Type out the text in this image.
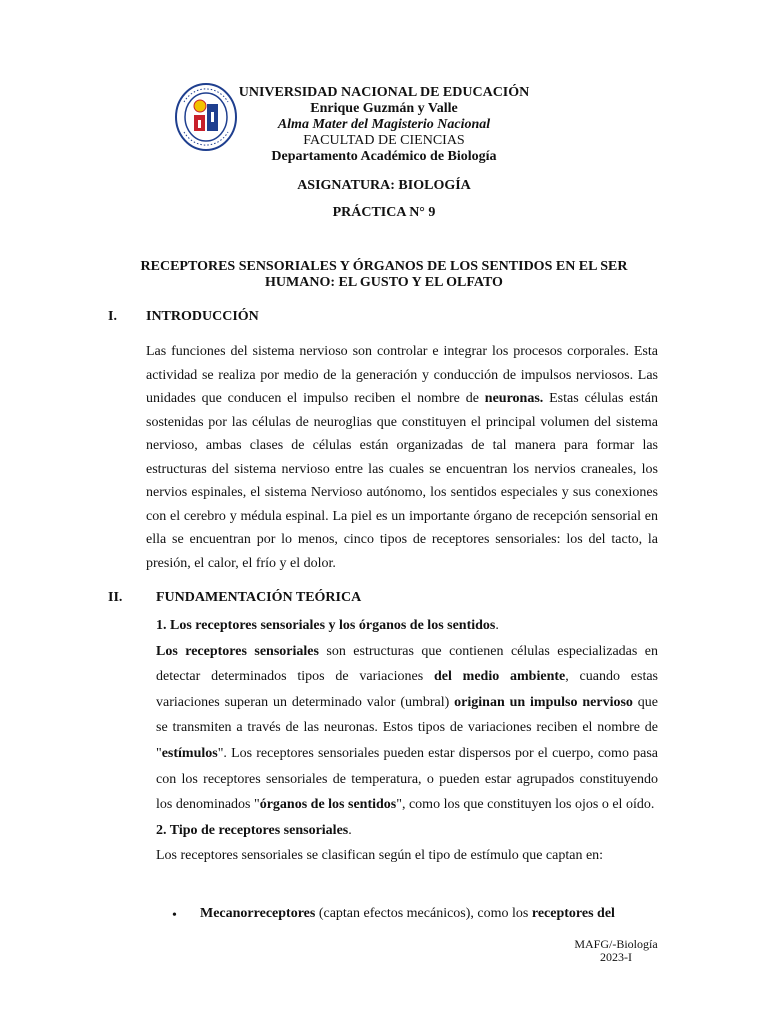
UNIVERSIDAD NACIONAL DE EDUCACIÓN
Enrique Guzmán y Valle
Alma Mater del Magisterio Nacional
FACULTAD DE CIENCIAS
Departamento Académico de Biología
ASIGNATURA: BIOLOGÍA
PRÁCTICA N° 9
RECEPTORES SENSORIALES Y ÓRGANOS DE LOS SENTIDOS EN EL SER
HUMANO: EL GUSTO Y EL OLFATO
I. INTRODUCCIÓN

Las funciones del sistema nervioso son controlar e integrar los procesos corporales. Esta actividad se realiza por medio de la generación y conducción de impulsos nerviosos. Las unidades que conducen el impulso reciben el nombre de neuronas. Estas células están sostenidas por las células de neuroglias que constituyen el principal volumen del sistema nervioso, ambas clases de células están organizadas de tal manera para formar las estructuras del sistema nervioso entre las cuales se encuentran los nervios craneales, los nervios espinales, el sistema Nervioso autónomo, los sentidos especiales y sus conexiones con el cerebro y médula espinal. La piel es un importante órgano de recepción sensorial en ella se encuentran por lo menos, cinco tipos de receptores sensoriales: los del tacto, la presión, el calor, el frío y el dolor.

II. FUNDAMENTACIÓN TEÓRICA

1. Los receptores sensoriales y los órganos de los sentidos.

Los receptores sensoriales son estructuras que contienen células especializadas en detectar determinados tipos de variaciones del medio ambiente, cuando estas variaciones superan un determinado valor (umbral) originan un impulso nervioso que se transmiten a través de las neuronas. Estos tipos de variaciones reciben el nombre de "estímulos". Los receptores sensoriales pueden estar dispersos por el cuerpo, como pasa con los receptores sensoriales de temperatura, o pueden estar agrupados constituyendo los denominados "órganos de los sentidos", como los que constituyen los ojos o el oído.

2. Tipo de receptores sensoriales.

Los receptores sensoriales se clasifican según el tipo de estímulo que captan en:

• Mecanorreceptores (captan efectos mecánicos), como los receptores del
MAFG/-Biología
2023-I
